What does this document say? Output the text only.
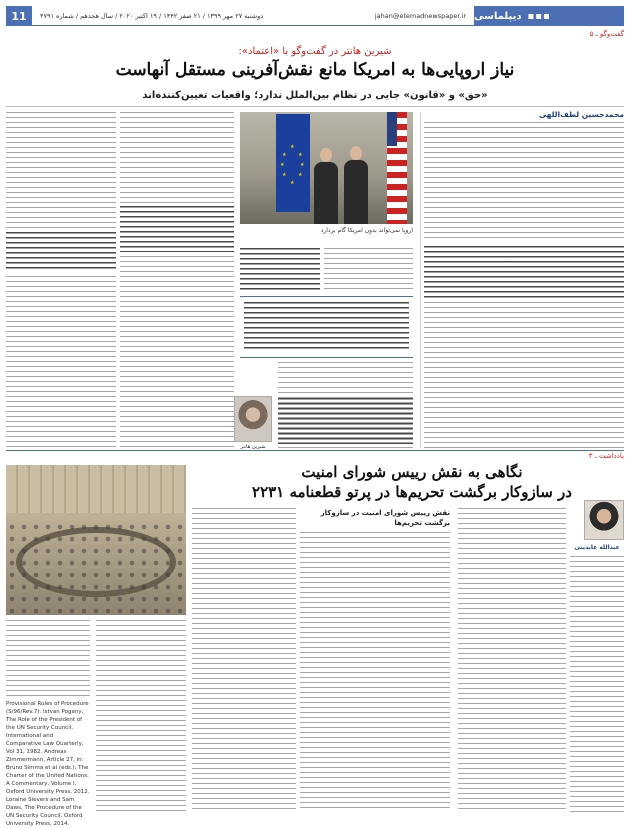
11	دوشنبه ۲۷ مهر ۱۳۹۹ / ۲۱ صفر ۱۴۴۲ / ۱۹ اکتبر ۲۰۲۰ / سال هجدهم / شماره ۴۷۹۱	jahan@etemadnewspaper.ir	▪▪▪
دیپلماسی
گفت‌وگو ـ ۵
شیرین هانتر در گفت‌وگو با «اعتماد»:
نیاز اروپایی‌ها به امریکا مانع نقش‌آفرینی مستقل آنهاست
«حق» و «قانون» جایی در نظام بین‌الملل ندارد؛ واقعیات تعیین‌کننده‌اند
محمدحسین لطف‌اللهی
★
★ ★
★	★
★ ★
★
اروپا نمی‌تواند بدون امریکا گام بردارد
شیرین هانتر
یادداشت ـ ۳
نگاهی به نقش رییس شورای امنیت
در سازوکار برگشت تحریم‌ها در پرتو قطعنامه ۲۲۳۱
عبدالله عابدینی
نقش رییس شورای امنیت در سازوکار برگشت تحریم‌ها
Provisional Rules of Procedure (S/96/Rev.7). Istvan Pogany, The Role of the President of the UN Security Council, International and Comparative Law Quarterly, Vol 31, 1982. Andreas Zimmermann, Article 27, in: Bruno Simma et al (eds.), The Charter of the United Nations: A Commentary, Volume I, Oxford University Press, 2012. Loraine Sievers and Sam Daws, The Procedure of the UN Security Council, Oxford University Press, 2014.
